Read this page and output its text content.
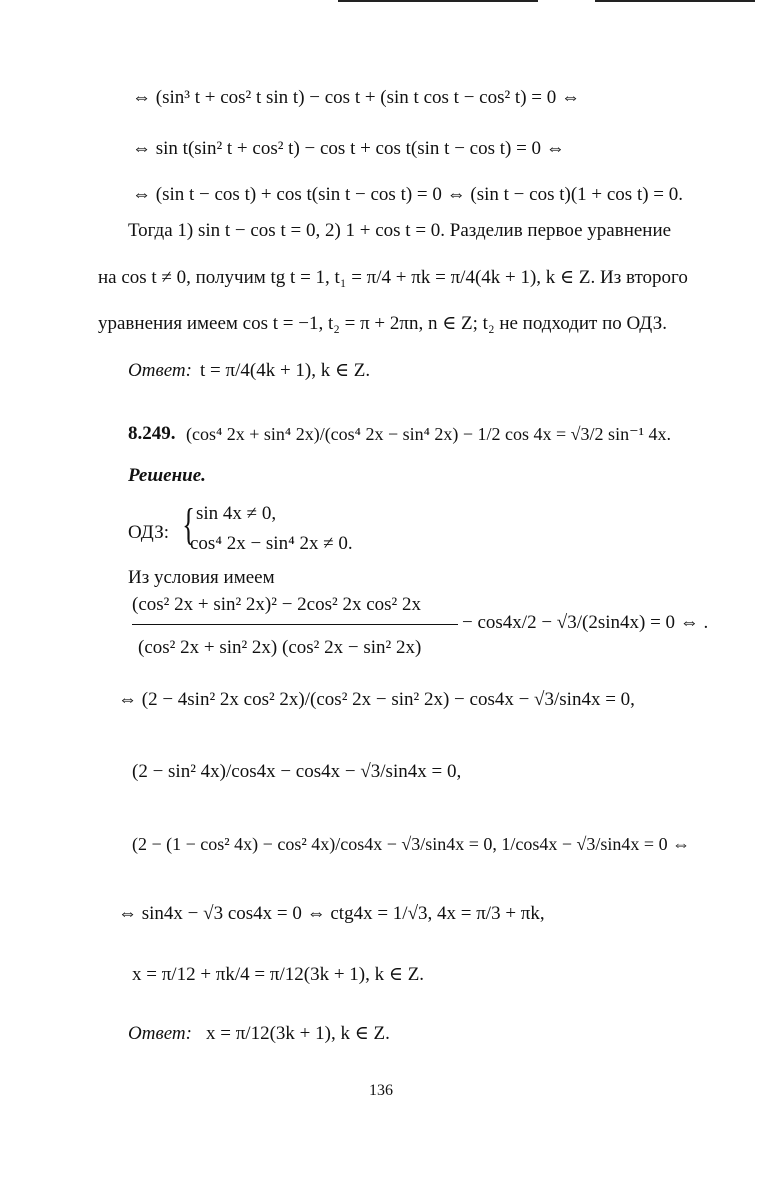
⇔ (sin³ t + cos² t sin t) − cos t + (sin t cos t − cos² t) = 0 ⇔
⇔ sin t(sin² t + cos² t) − cos t + cos t(sin t − cos t) = 0 ⇔
⇔ (sin t − cos t) + cos t(sin t − cos t) = 0 ⇔ (sin t − cos t)(1 + cos t) = 0.
Тогда 1) sin t − cos t = 0, 2) 1 + cos t = 0. Разделив первое уравнение
на cos t ≠ 0, получим tg t = 1, t₁ = π/4 + πk = π/4(4k + 1), k ∈ Z. Из второго
уравнения имеем cos t = −1, t₂ = π + 2πn, n ∈ Z; t₂ не подходит по ОДЗ.
Ответ: t = π/4(4k + 1), k ∈ Z.
8.249. (cos⁴ 2x + sin⁴ 2x)/(cos⁴ 2x − sin⁴ 2x) − 1/2 cos 4x = √3/2 sin⁻¹ 4x.
Решение.
ОДЗ: { sin 4x ≠ 0,
cos⁴ 2x − sin⁴ 2x ≠ 0.
Из условия имеем
(cos² 2x + sin² 2x)² − 2cos² 2x cos² 2x
(cos² 2x + sin² 2x) (cos² 2x − sin² 2x)
− cos4x/2 − √3/(2sin4x) = 0 ⇔ .
⇔ (2 − 4sin² 2x cos² 2x)/(cos² 2x − sin² 2x) − cos4x − √3/sin4x = 0,
(2 − sin² 4x)/cos4x − cos4x − √3/sin4x = 0,
(2 − (1 − cos² 4x) − cos² 4x)/cos4x − √3/sin4x = 0, 1/cos4x − √3/sin4x = 0 ⇔
⇔ sin4x − √3 cos4x = 0 ⇔ ctg4x = 1/√3, 4x = π/3 + πk,
x = π/12 + πk/4 = π/12(3k + 1), k ∈ Z.
Ответ: x = π/12(3k + 1), k ∈ Z.
136
